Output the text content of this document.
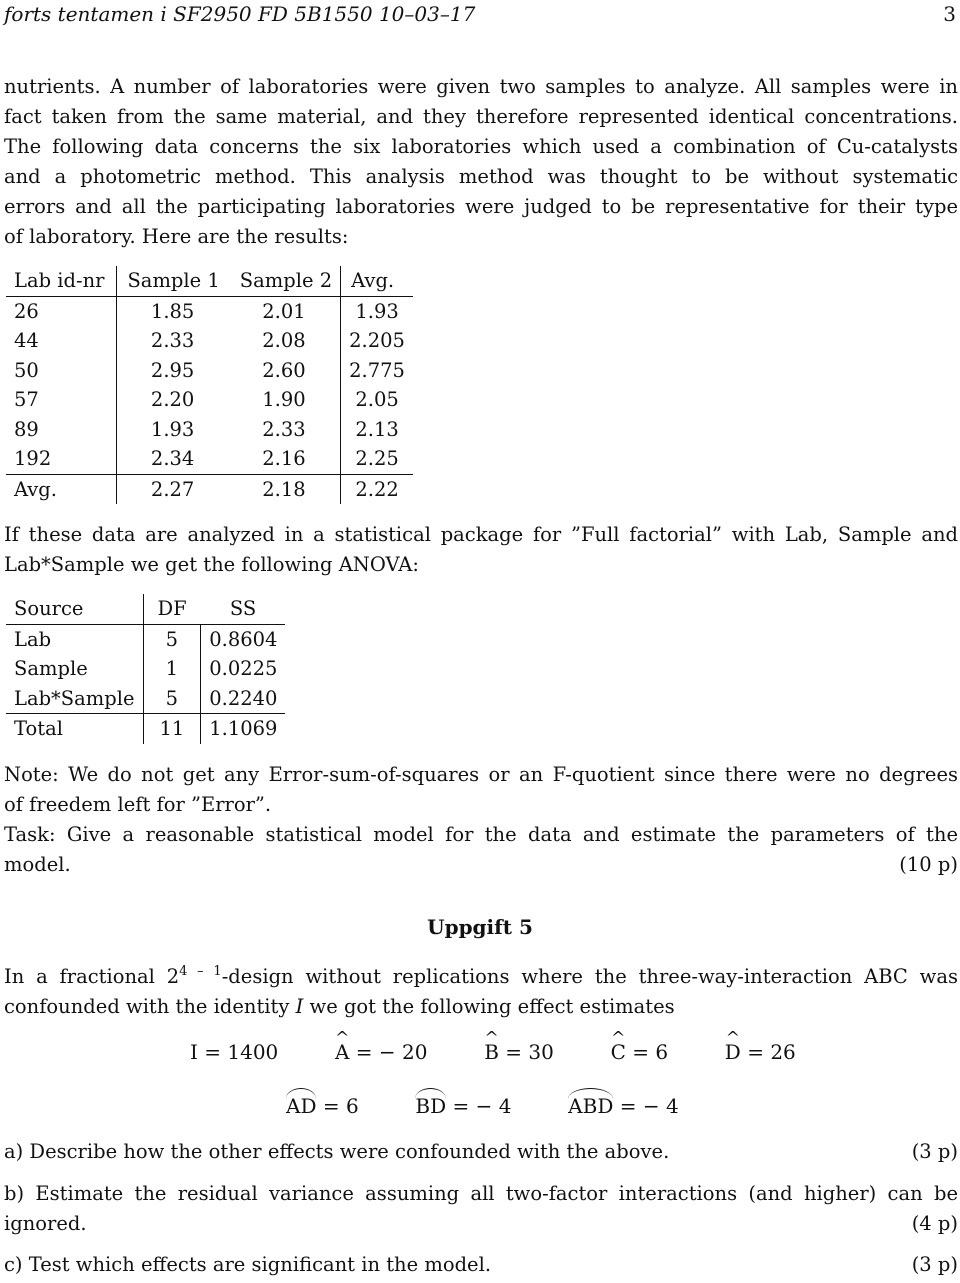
forts tentamen i SF2950 FD 5B1550 10–03–17	3
nutrients. A number of laboratories were given two samples to analyze. All samples were in
fact taken from the same material, and they therefore represented identical concentrations.
The following data concerns the six laboratories which used a combination of Cu-catalysts
and a photometric method. This analysis method was thought to be without systematic
errors and all the participating laboratories were judged to be representative for their type
of laboratory. Here are the results:
Lab id-nr	Sample 1	Sample 2	Avg.
26	1.85	2.01	1.93
44	2.33	2.08	2.205
50	2.95	2.60	2.775
57	2.20	1.90	2.05
89	1.93	2.33	2.13
192	2.34	2.16	2.25
Avg.	2.27	2.18	2.22
If these data are analyzed in a statistical package for ”Full factorial” with Lab, Sample and
Lab*Sample we get the following ANOVA:
Source	DF	SS
Lab	5	0.8604
Sample	1	0.0225
Lab*Sample	5	0.2240
Total	11	1.1069
Note: We do not get any Error-sum-of-squares or an F-quotient since there were no degrees
of freedem left for ”Error”.
Task: Give a reasonable statistical model for the data and estimate the parameters of the
model.	(10 p)
Uppgift 5
In a fractional 2$^{4 - 1}$-design without replications where the three-way-interaction ABC was
confounded with the identity I we got the following effect estimates
I = 1400	^ A = − 20	^ B = 30	^ C = 6	^ D = 26
AD = 6	BD = − 4	ABD = − 4
a) Describe how the other effects were confounded with the above.	(3 p)
b) Estimate the residual variance assuming all two-factor interactions (and higher) can be
ignored.	(4 p)
c) Test which effects are significant in the model.	(3 p)
